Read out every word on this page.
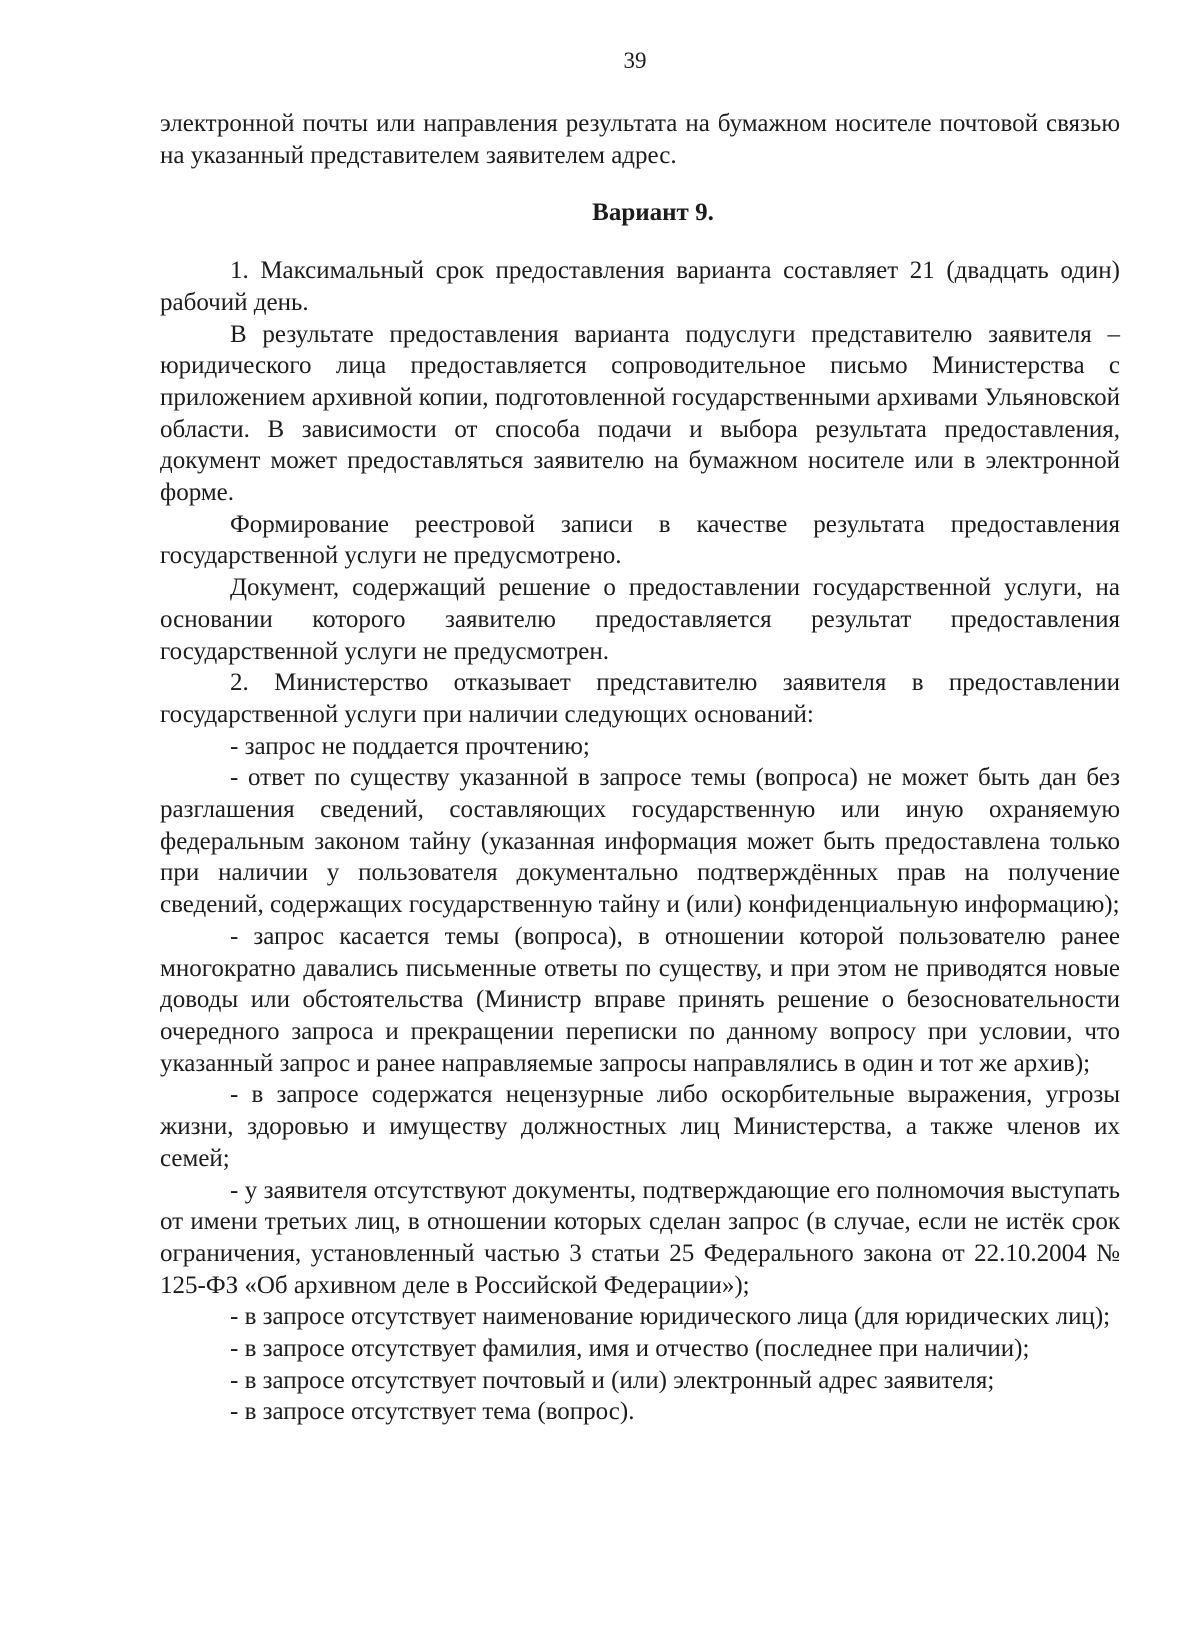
39

электронной почты или направления результата на бумажном носителе почтовой связью на указанный представителем заявителем адрес.

Вариант 9.

1. Максимальный срок предоставления варианта составляет 21 (двадцать один) рабочий день.

В результате предоставления варианта подуслуги представителю заявителя – юридического лица предоставляется сопроводительное письмо Министерства с приложением архивной копии, подготовленной государственными архивами Ульяновской области. В зависимости от способа подачи и выбора результата предоставления, документ может предоставляться заявителю на бумажном носителе или в электронной форме.

Формирование реестровой записи в качестве результата предоставления государственной услуги не предусмотрено.

Документ, содержащий решение о предоставлении государственной услуги, на основании которого заявителю предоставляется результат предоставления государственной услуги не предусмотрен.

2. Министерство отказывает представителю заявителя в предоставлении государственной услуги при наличии следующих оснований:

- запрос не поддается прочтению;

- ответ по существу указанной в запросе темы (вопроса) не может быть дан без разглашения сведений, составляющих государственную или иную охраняемую федеральным законом тайну (указанная информация может быть предоставлена только при наличии у пользователя документально подтверждённых прав на получение сведений, содержащих государственную тайну и (или) конфиденциальную информацию);

- запрос касается темы (вопроса), в отношении которой пользователю ранее многократно давались письменные ответы по существу, и при этом не приводятся новые доводы или обстоятельства (Министр вправе принять решение о безосновательности очередного запроса и прекращении переписки по данному вопросу при условии, что указанный запрос и ранее направляемые запросы направлялись в один и тот же архив);

- в запросе содержатся нецензурные либо оскорбительные выражения, угрозы жизни, здоровью и имуществу должностных лиц Министерства, а также членов их семей;

- у заявителя отсутствуют документы, подтверждающие его полномочия выступать от имени третьих лиц, в отношении которых сделан запрос (в случае, если не истёк срок ограничения, установленный частью 3 статьи 25 Федерального закона от 22.10.2004 № 125-ФЗ «Об архивном деле в Российской Федерации»);

- в запросе отсутствует наименование юридического лица (для юридических лиц);

- в запросе отсутствует фамилия, имя и отчество (последнее при наличии);

- в запросе отсутствует почтовый и (или) электронный адрес заявителя;

- в запросе отсутствует тема (вопрос).
